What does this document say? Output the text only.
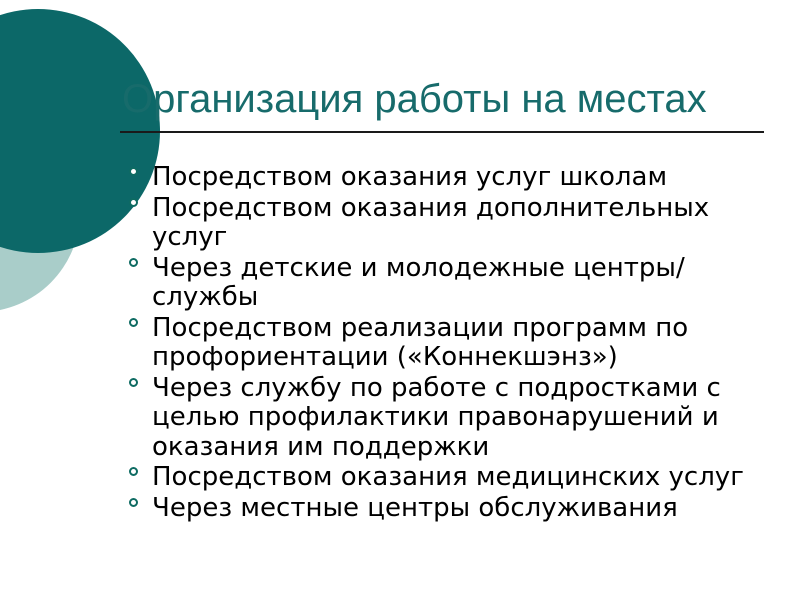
Организация работы на местах
Посредством оказания услуг школам
Посредством оказания дополнительных услуг
Через детские и молодежные центры/службы
Посредством реализации программ по профориентации («Коннекшэнз»)
Через службу по работе с подростками с целью профилактики правонарушений и оказания им поддержки
Посредством оказания медицинских услуг
Через местные центры обслуживания
